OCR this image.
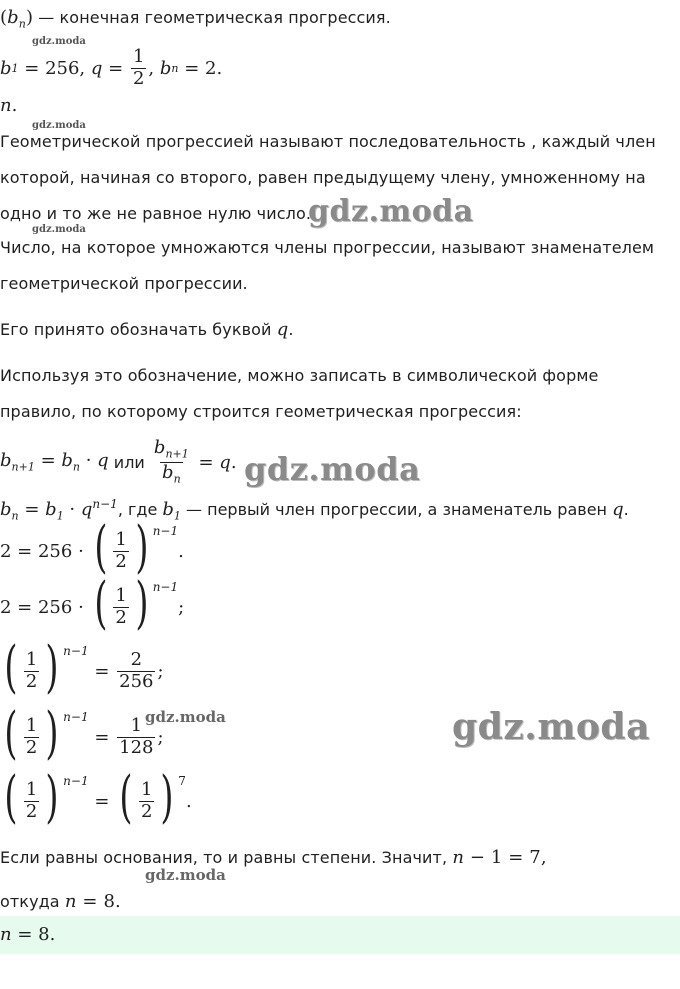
$(b_n)$ — конечная геометрическая прогрессия.
gdz.moda
b 1 = 256 , $q = \frac{1}{2}$ , b n = 2 .
n.
gdz.moda
Геометрической прогрессией называют последовательность , каждый член
которой, начиная со второго, равен предыдущему члену, умноженному на
одно и то же не равное нулю число.
gdz.moda
gdz.moda
Число, на которое умножаются члены прогрессии, называют знаменателем
геометрической прогрессии.
Его принято обозначать буквой q.
Используя это обозначение, можно записать в символической форме
правило, по которому строится геометрическая прогрессия:
$b_{n+1} = b_n \cdot q$
или
$\frac{b_{n+1}}{b_n} = q$. gdz.moda
$b_n = b_1 \cdot q^{n-1}$, где $b_1$ — первый член прогрессии, а знаменатель равен q.
2 = 256 · ( $\frac{1}{2}$ ) $^{n-1}$
.
2 = 256 · ( $\frac{1}{2}$ ) $^{n-1}$
;
( $\frac{1}{2}$ ) $^{n-1}$
= $\frac{2}{256}$ ;
( $\frac{1}{2}$ ) $^{n-1}$
= $\frac{1}{128}$ ;
gdz.moda	gdz.moda
( $\frac{1}{2}$ ) $^{n-1}$
= ( $\frac{1}{2}$ ) $^7$
.
Если равны основания, то и равны степени. Значит, n − 1 = 7,
gdz.moda
откуда n = 8.
n = 8.
